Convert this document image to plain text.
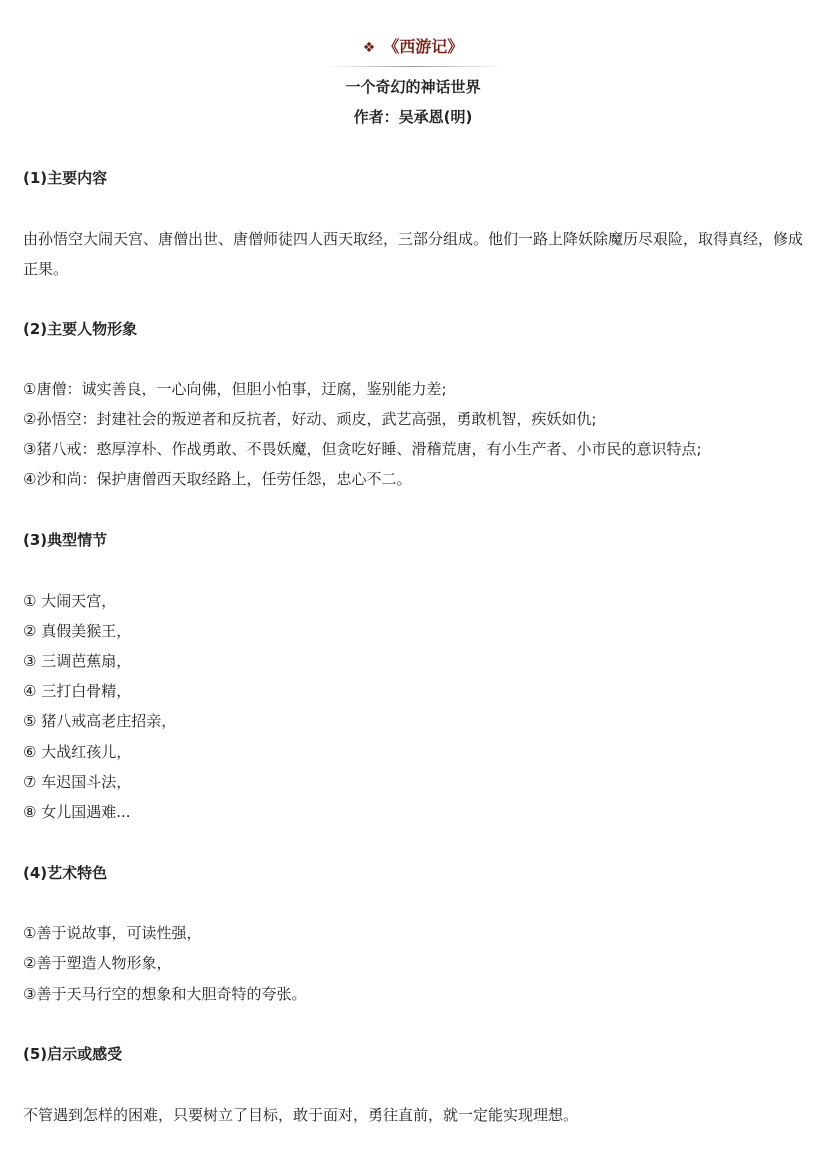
❖ 《西游记》
一个奇幻的神话世界
作者：吴承恩(明)
(1)主要内容
由孙悟空大闹天宫、唐僧出世、唐僧师徒四人西天取经，三部分组成。他们一路上降妖除魔历尽艰险，取得真经，修成正果。
(2)主要人物形象
①唐僧：诚实善良，一心向佛，但胆小怕事，迂腐，鉴别能力差;
②孙悟空：封建社会的叛逆者和反抗者，好动、顽皮，武艺高强，勇敢机智，疾妖如仇;
③猪八戒：憨厚淳朴、作战勇敢、不畏妖魔，但贪吃好睡、滑稽荒唐，有小生产者、小市民的意识特点;
④沙和尚：保护唐僧西天取经路上，任劳任怨，忠心不二。
(3)典型情节
① 大闹天宫，
② 真假美猴王，
③ 三调芭蕉扇，
④ 三打白骨精，
⑤ 猪八戒高老庄招亲，
⑥ 大战红孩儿，
⑦ 车迟国斗法，
⑧ 女儿国遇难...
(4)艺术特色
①善于说故事，可读性强，
②善于塑造人物形象，
③善于天马行空的想象和大胆奇特的夸张。
(5)启示或感受
不管遇到怎样的困难，只要树立了目标，敢于面对，勇往直前，就一定能实现理想。
